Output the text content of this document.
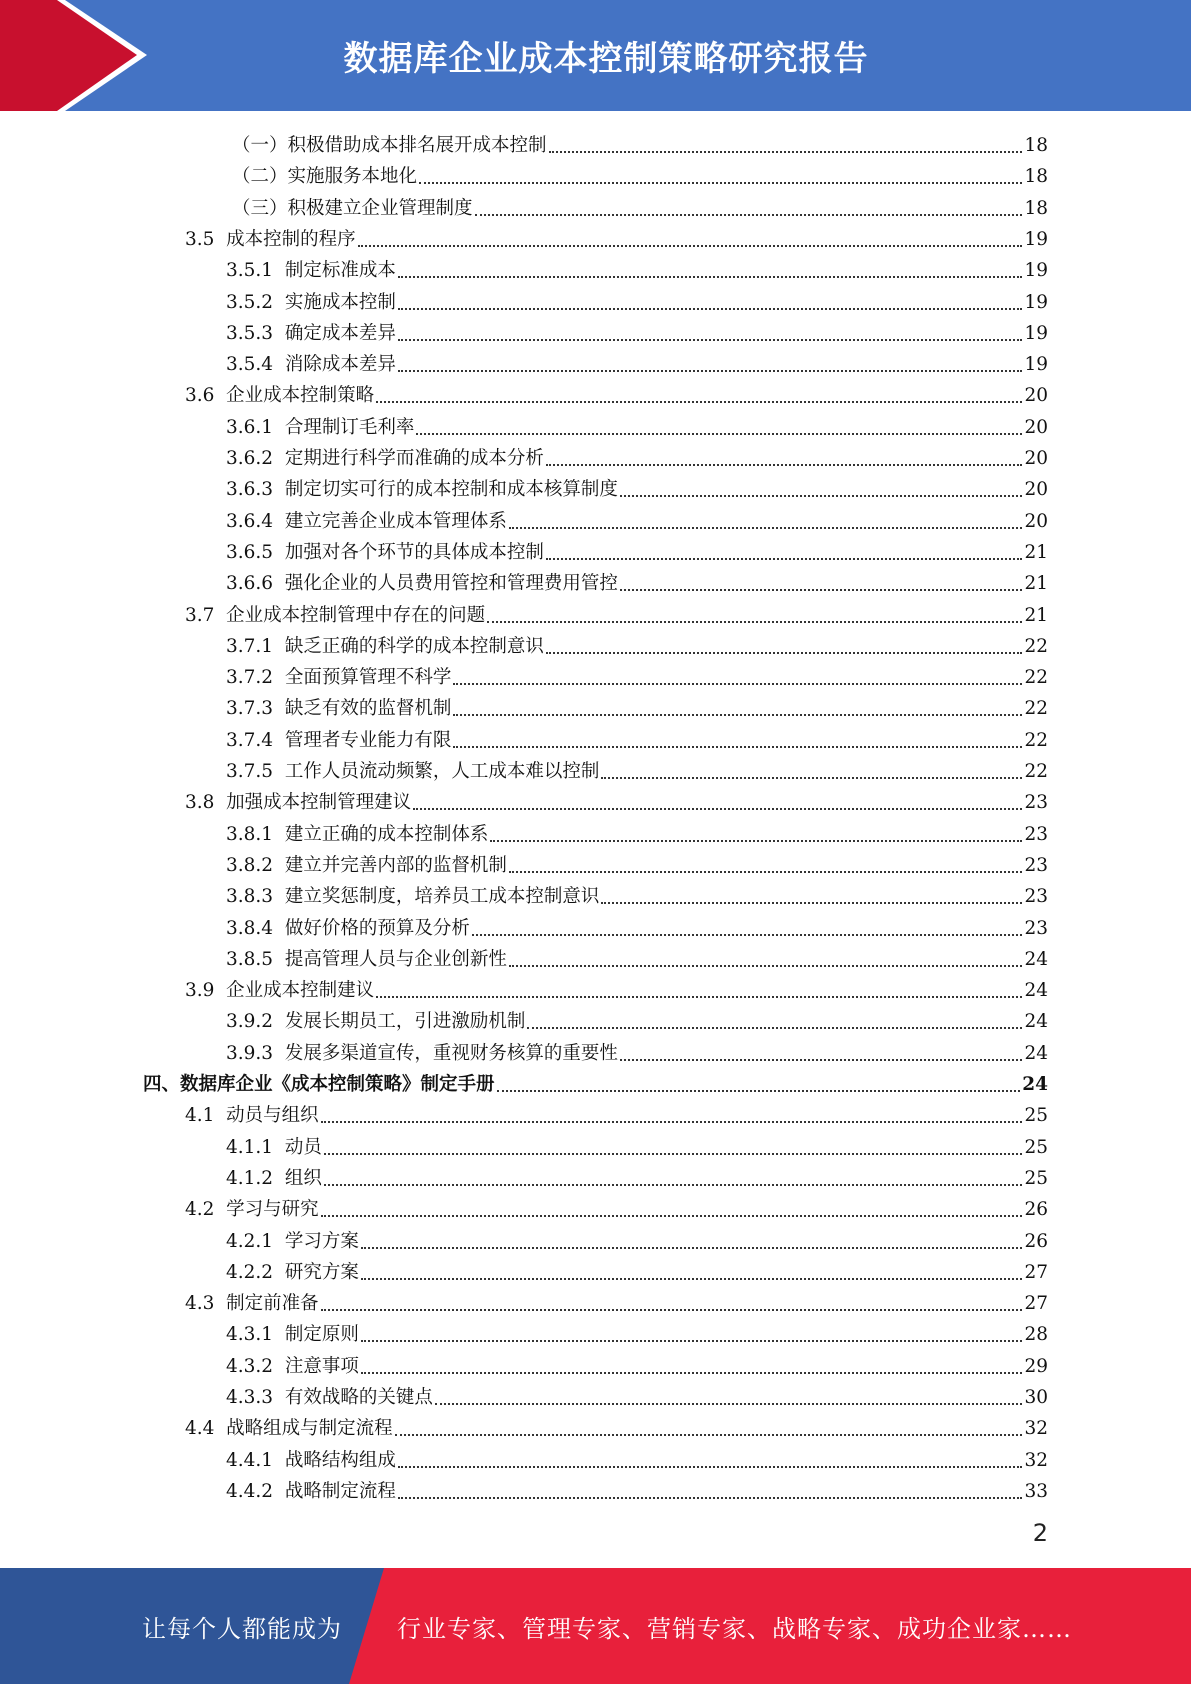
数据库企业成本控制策略研究报告
（一）积极借助成本排名展开成本控制	18
（二）实施服务本地化	18
（三）积极建立企业管理制度	18
3.5  成本控制的程序	19
3.5.1  制定标准成本	19
3.5.2  实施成本控制	19
3.5.3  确定成本差异	19
3.5.4  消除成本差异	19
3.6  企业成本控制策略	20
3.6.1  合理制订毛利率	20
3.6.2  定期进行科学而准确的成本分析	20
3.6.3  制定切实可行的成本控制和成本核算制度	20
3.6.4  建立完善企业成本管理体系	20
3.6.5  加强对各个环节的具体成本控制	21
3.6.6  强化企业的人员费用管控和管理费用管控	21
3.7  企业成本控制管理中存在的问题	21
3.7.1  缺乏正确的科学的成本控制意识	22
3.7.2  全面预算管理不科学	22
3.7.3  缺乏有效的监督机制	22
3.7.4  管理者专业能力有限	22
3.7.5  工作人员流动频繁，人工成本难以控制	22
3.8  加强成本控制管理建议	23
3.8.1  建立正确的成本控制体系	23
3.8.2  建立并完善内部的监督机制	23
3.8.3  建立奖惩制度，培养员工成本控制意识	23
3.8.4  做好价格的预算及分析	23
3.8.5  提高管理人员与企业创新性	24
3.9  企业成本控制建议	24
3.9.2  发展长期员工，引进激励机制	24
3.9.3  发展多渠道宣传，重视财务核算的重要性	24
四、数据库企业《成本控制策略》制定手册	24
4.1  动员与组织	25
4.1.1  动员	25
4.1.2  组织	25
4.2  学习与研究	26
4.2.1  学习方案	26
4.2.2  研究方案	27
4.3  制定前准备	27
4.3.1  制定原则	28
4.3.2  注意事项	29
4.3.3  有效战略的关键点	30
4.4  战略组成与制定流程	32
4.4.1  战略结构组成	32
4.4.2  战略制定流程	33
2
让每个人都能成为 行业专家、管理专家、营销专家、战略专家、成功企业家……
